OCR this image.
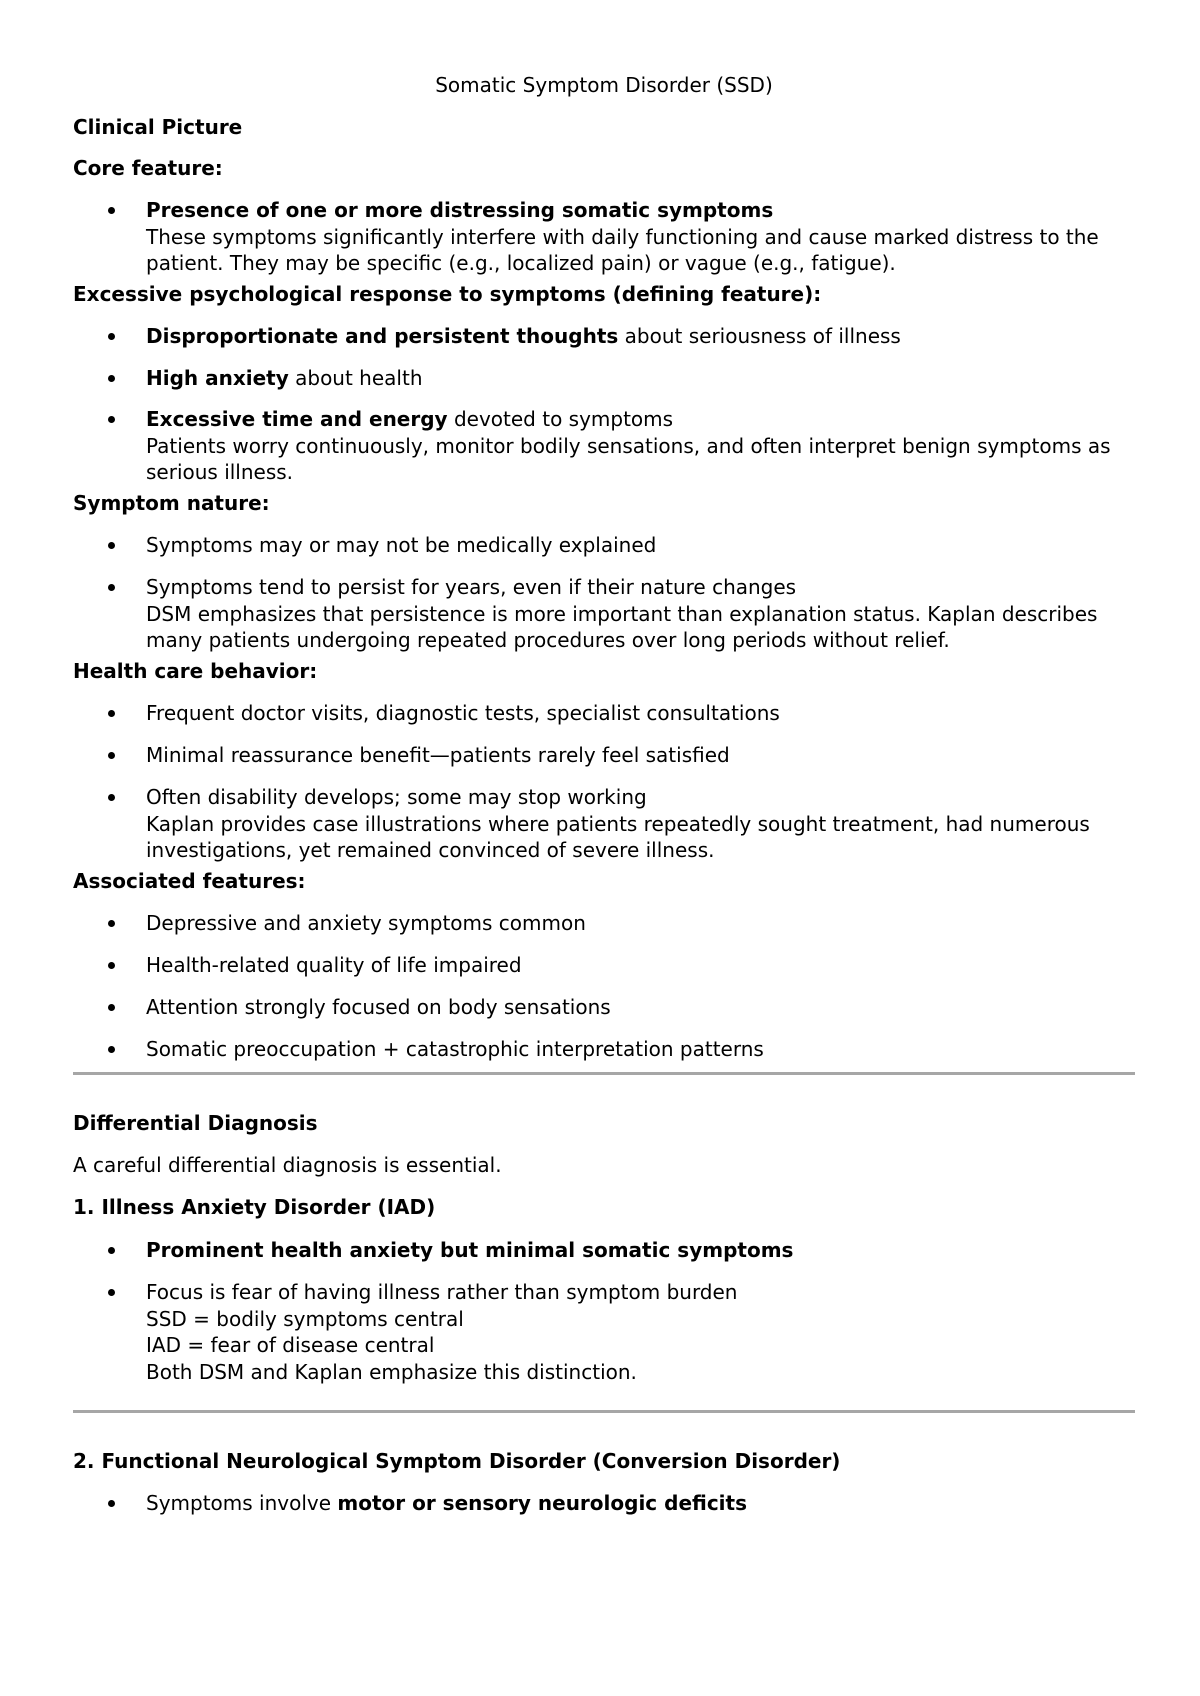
Somatic Symptom Disorder (SSD)
Clinical Picture
Core feature:
Presence of one or more distressing somatic symptoms
These symptoms significantly interfere with daily functioning and cause marked distress to the
patient. They may be specific (e.g., localized pain) or vague (e.g., fatigue).
Excessive psychological response to symptoms (defining feature):
Disproportionate and persistent thoughts about seriousness of illness
High anxiety about health
Excessive time and energy devoted to symptoms
Patients worry continuously, monitor bodily sensations, and often interpret benign symptoms as
serious illness.
Symptom nature:
Symptoms may or may not be medically explained
Symptoms tend to persist for years, even if their nature changes
DSM emphasizes that persistence is more important than explanation status. Kaplan describes
many patients undergoing repeated procedures over long periods without relief.
Health care behavior:
Frequent doctor visits, diagnostic tests, specialist consultations
Minimal reassurance benefit—patients rarely feel satisfied
Often disability develops; some may stop working
Kaplan provides case illustrations where patients repeatedly sought treatment, had numerous
investigations, yet remained convinced of severe illness.
Associated features:
Depressive and anxiety symptoms common
Health-related quality of life impaired
Attention strongly focused on body sensations
Somatic preoccupation + catastrophic interpretation patterns
Differential Diagnosis
A careful differential diagnosis is essential.
1. Illness Anxiety Disorder (IAD)
Prominent health anxiety but minimal somatic symptoms
Focus is fear of having illness rather than symptom burden
SSD = bodily symptoms central
IAD = fear of disease central
Both DSM and Kaplan emphasize this distinction.
2. Functional Neurological Symptom Disorder (Conversion Disorder)
Symptoms involve motor or sensory neurologic deficits
